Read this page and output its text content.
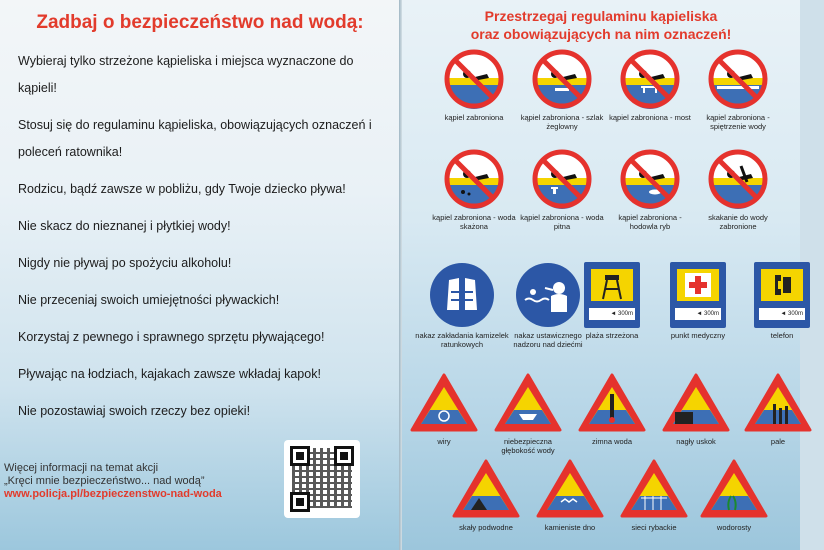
Zadbaj o bezpieczeństwo nad wodą:
Wybieraj tylko strzeżone kąpieliska i miejsca wyznaczone do kąpieli!
Stosuj się do regulaminu kąpieliska, obowiązujących oznaczeń i poleceń ratownika!
Rodzicu, bądź zawsze w pobliżu, gdy Twoje dziecko pływa!
Nie skacz do nieznanej i płytkiej wody!
Nigdy nie pływaj po spożyciu alkoholu!
Nie przeceniaj swoich umiejętności pływackich!
Korzystaj z pewnego i sprawnego sprzętu pływającego!
Pływając na łodziach, kajakach zawsze wkładaj kapok!
Nie pozostawiaj swoich rzeczy bez opieki!
Więcej informacji na temat akcji
„Kręci mnie bezpieczeństwo... nad wodą”
www.policja.pl/bezpieczenstwo-nad-woda
Przestrzegaj regulaminu kąpieliska
oraz obowiązujących na nim oznaczeń!
kąpiel zabroniona	kąpiel zabroniona - szlak żeglowny
kąpiel zabroniona - most	kąpiel zabroniona - spiętrzenie wody
kąpiel zabroniona - woda skażona
kąpiel zabroniona - woda pitna
kąpiel zabroniona - hodowla ryb
skakanie do wody zabronione
nakaz zakładania kamizelek ratunkowych
nakaz ustawicznego nadzoru nad dziećmi
◄ 300m
plaża strzeżona
◄ 300m
punkt medyczny
◄ 300m
telefon
wiry	niebezpieczna głębokość wody
zimna woda	nagły uskok	pale
skały podwodne	kamieniste dno	sieci rybackie	wodorosty
